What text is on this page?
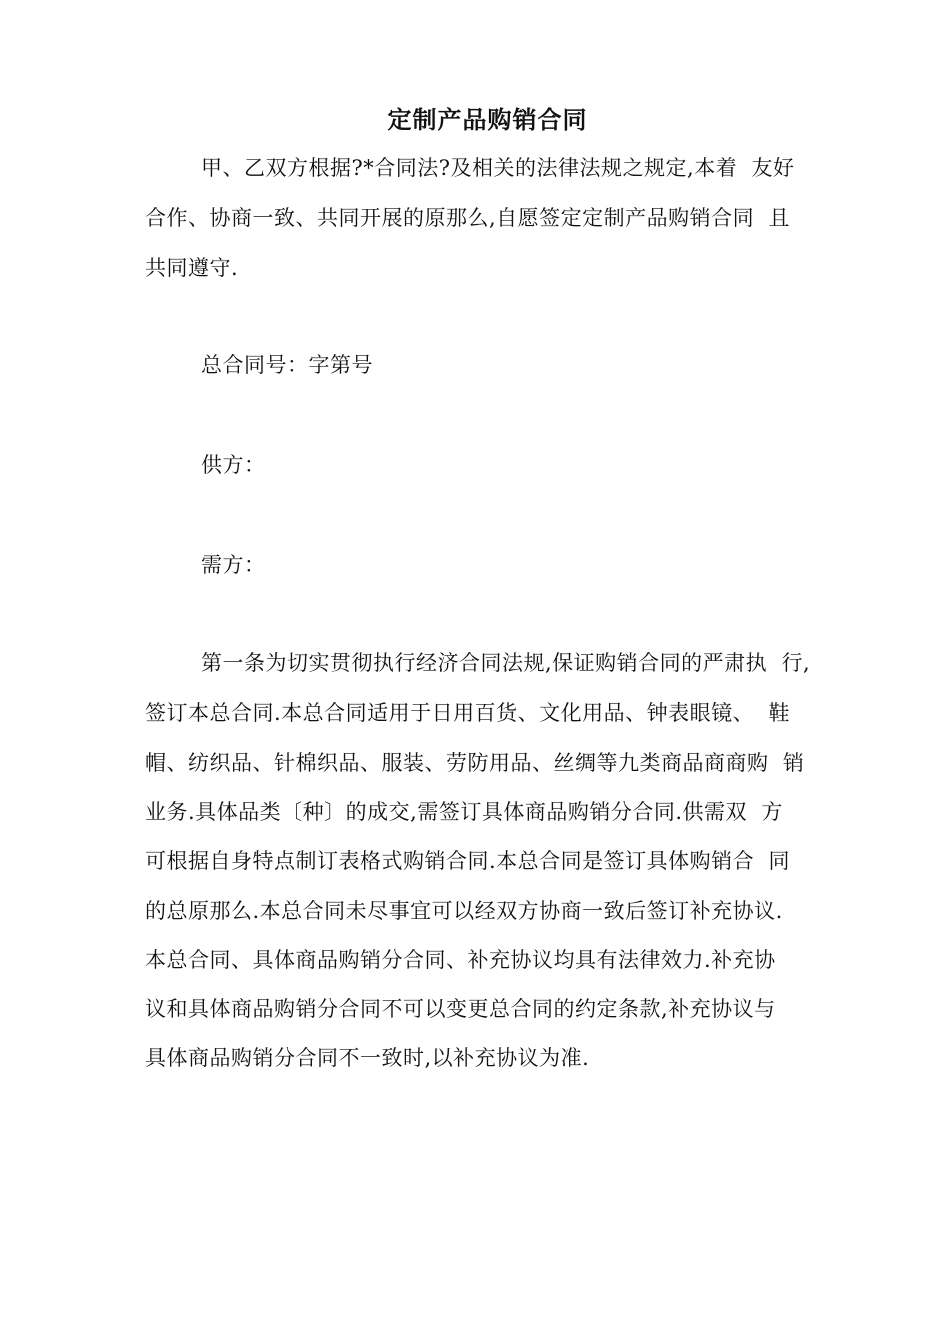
定制产品购销合同
甲、乙双方根据?*合同法?及相关的法律法规之规定,本着  友好
合作、协商一致、共同开展的原那么,自愿签定定制产品购销合同  且
共同遵守.
总合同号：字第号
供方：
需方：
第一条为切实贯彻执行经济合同法规,保证购销合同的严肃执  行,
签订本总合同.本总合同适用于日用百货、文化用品、钟表眼镜、  鞋
帽、纺织品、针棉织品、服装、劳防用品、丝绸等九类商品商商购  销
业务.具体品类〔种〕的成交,需签订具体商品购销分合同.供需双  方
可根据自身特点制订表格式购销合同.本总合同是签订具体购销合  同
的总原那么.本总合同未尽事宜可以经双方协商一致后签订补充协议.
本总合同、具体商品购销分合同、补充协议均具有法律效力.补充协
议和具体商品购销分合同不可以变更总合同的约定条款,补充协议与
具体商品购销分合同不一致时,以补充协议为准.
